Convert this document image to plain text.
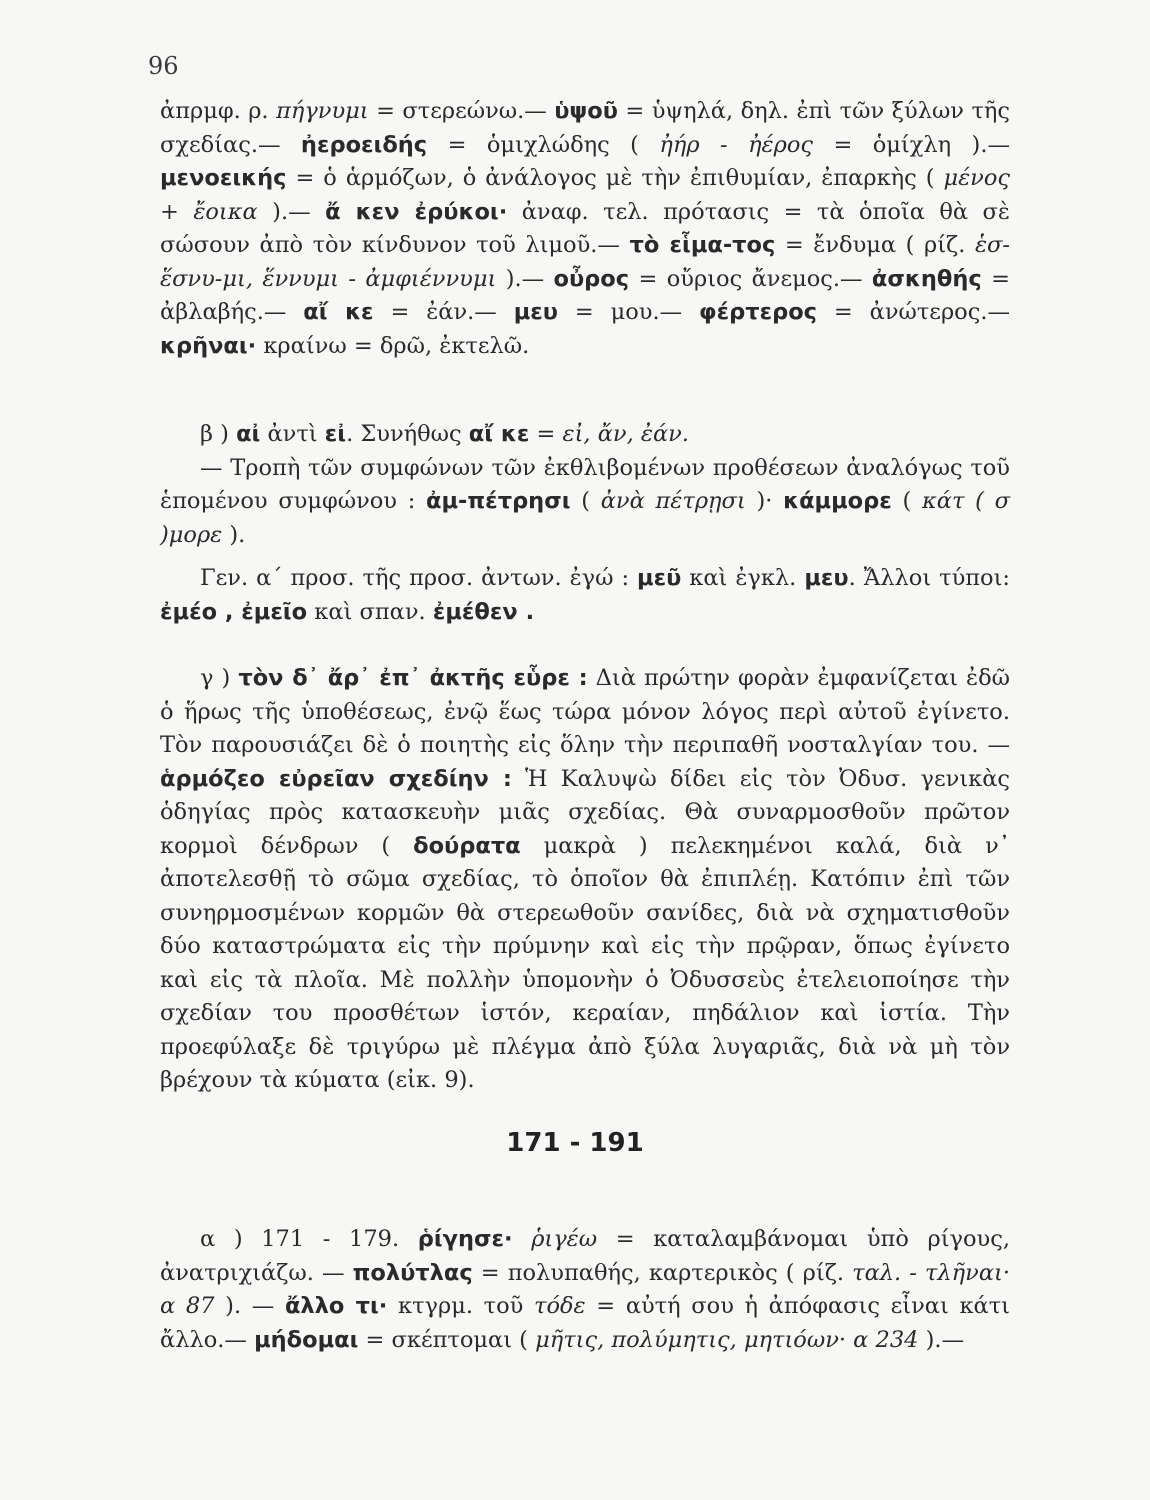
96

ἀπρμφ. ρ. πήγνυμι = στερεώνω.— ὑψοῦ = ὑψηλά, δηλ. ἐπὶ τῶν ξύλων τῆς σχεδίας.— ἠεροειδής = ὁμιχλώδης ( ἠήρ - ἠέρος = ὁμίχλη ).— μενοεικής = ὁ ἁρμόζων, ὁ ἀνάλογος μὲ τὴν ἐπιθυμίαν, ἐπαρκὴς ( μένος + ἔοικα ).— ἄ κεν ἐρύκοι· ἀναφ. τελ. πρότασις = τὰ ὁποῖα θὰ σὲ σώσουν ἀπὸ τὸν κίνδυνον τοῦ λιμοῦ.— τὸ εἷμα-τος = ἔνδυμα ( ρίζ. ἑσ- ἕσνυ-μι, ἕννυμι - ἀμφιέννυμι ).— οὖρος = οὔριος ἄνεμος.— ἀσκηθής = ἀβλαβής.— αἴ κε = ἐάν.— μευ = μου.— φέρτερος = ἀνώτερος.— κρῆναι· κραίνω = δρῶ, ἐκτελῶ.

β ) αἰ ἀντὶ εἰ. Συνήθως αἴ κε = εἰ, ἄν, ἐάν.

— Τροπὴ τῶν συμφώνων τῶν ἐκθλιβομένων προθέσεων ἀναλόγως τοῦ ἑπομένου συμφώνου : ἀμ-πέτρησι ( ἀνὰ πέτρῃσι )· κάμμορε ( κάτ ( σ )μορε ).

Γεν. α΄ προσ. τῆς προσ. ἀντων. ἐγώ : μεῦ καὶ ἐγκλ. μευ. Ἄλλοι τύποι: ἐμέο , ἐμεῖο καὶ σπαν. ἐμέθεν .

γ ) τὸν δ᾽ ἄρ᾽ ἐπ᾽ ἀκτῆς εὗρε : Διὰ πρώτην φορὰν ἐμφανίζεται ἐδῶ ὁ ἥρως τῆς ὑποθέσεως, ἐνῷ ἕως τώρα μόνον λόγος περὶ αὐτοῦ ἐγίνετο. Τὸν παρουσιάζει δὲ ὁ ποιητὴς εἰς ὅλην τὴν περιπαθῆ νοσταλγίαν του. — ἁρμόζεο εὐρεῖαν σχεδίην : Ἡ Καλυψὼ δίδει εἰς τὸν Ὀδυσ. γενικὰς ὁδηγίας πρὸς κατασκευὴν μιᾶς σχεδίας. Θὰ συναρμοσθοῦν πρῶτον κορμοὶ δένδρων ( δούρατα μακρὰ ) πελεκημένοι καλά, διὰ ν᾽ ἀποτελεσθῇ τὸ σῶμα σχεδίας, τὸ ὁποῖον θὰ ἐπιπλέῃ. Κατόπιν ἐπὶ τῶν συνηρμοσμένων κορμῶν θὰ στερεωθοῦν σανίδες, διὰ νὰ σχηματισθοῦν δύο καταστρώματα εἰς τὴν πρύμνην καὶ εἰς τὴν πρῷραν, ὅπως ἐγίνετο καὶ εἰς τὰ πλοῖα. Μὲ πολλὴν ὑπομονὴν ὁ Ὀδυσσεὺς ἐτελειοποίησε τὴν σχεδίαν του προσθέτων ἱστόν, κεραίαν, πηδάλιον καὶ ἱστία. Τὴν προεφύλαξε δὲ τριγύρω μὲ πλέγμα ἀπὸ ξύλα λυγαριᾶς, διὰ νὰ μὴ τὸν βρέχουν τὰ κύματα (εἰκ. 9).

171 - 191

α ) 171 - 179. ῥίγησε· ῥιγέω = καταλαμβάνομαι ὑπὸ ρίγους, ἀνατριχιάζω. — πολύτλας = πολυπαθής, καρτερικὸς ( ρίζ. ταλ. - τλῆναι· α 87 ). — ἄλλο τι· κτγρμ. τοῦ τόδε = αὐτή σου ἡ ἀπόφασις εἶναι κάτι ἄλλο.— μήδομαι = σκέπτομαι ( μῆτις, πολύμητις, μητιόων· α 234 ).—
